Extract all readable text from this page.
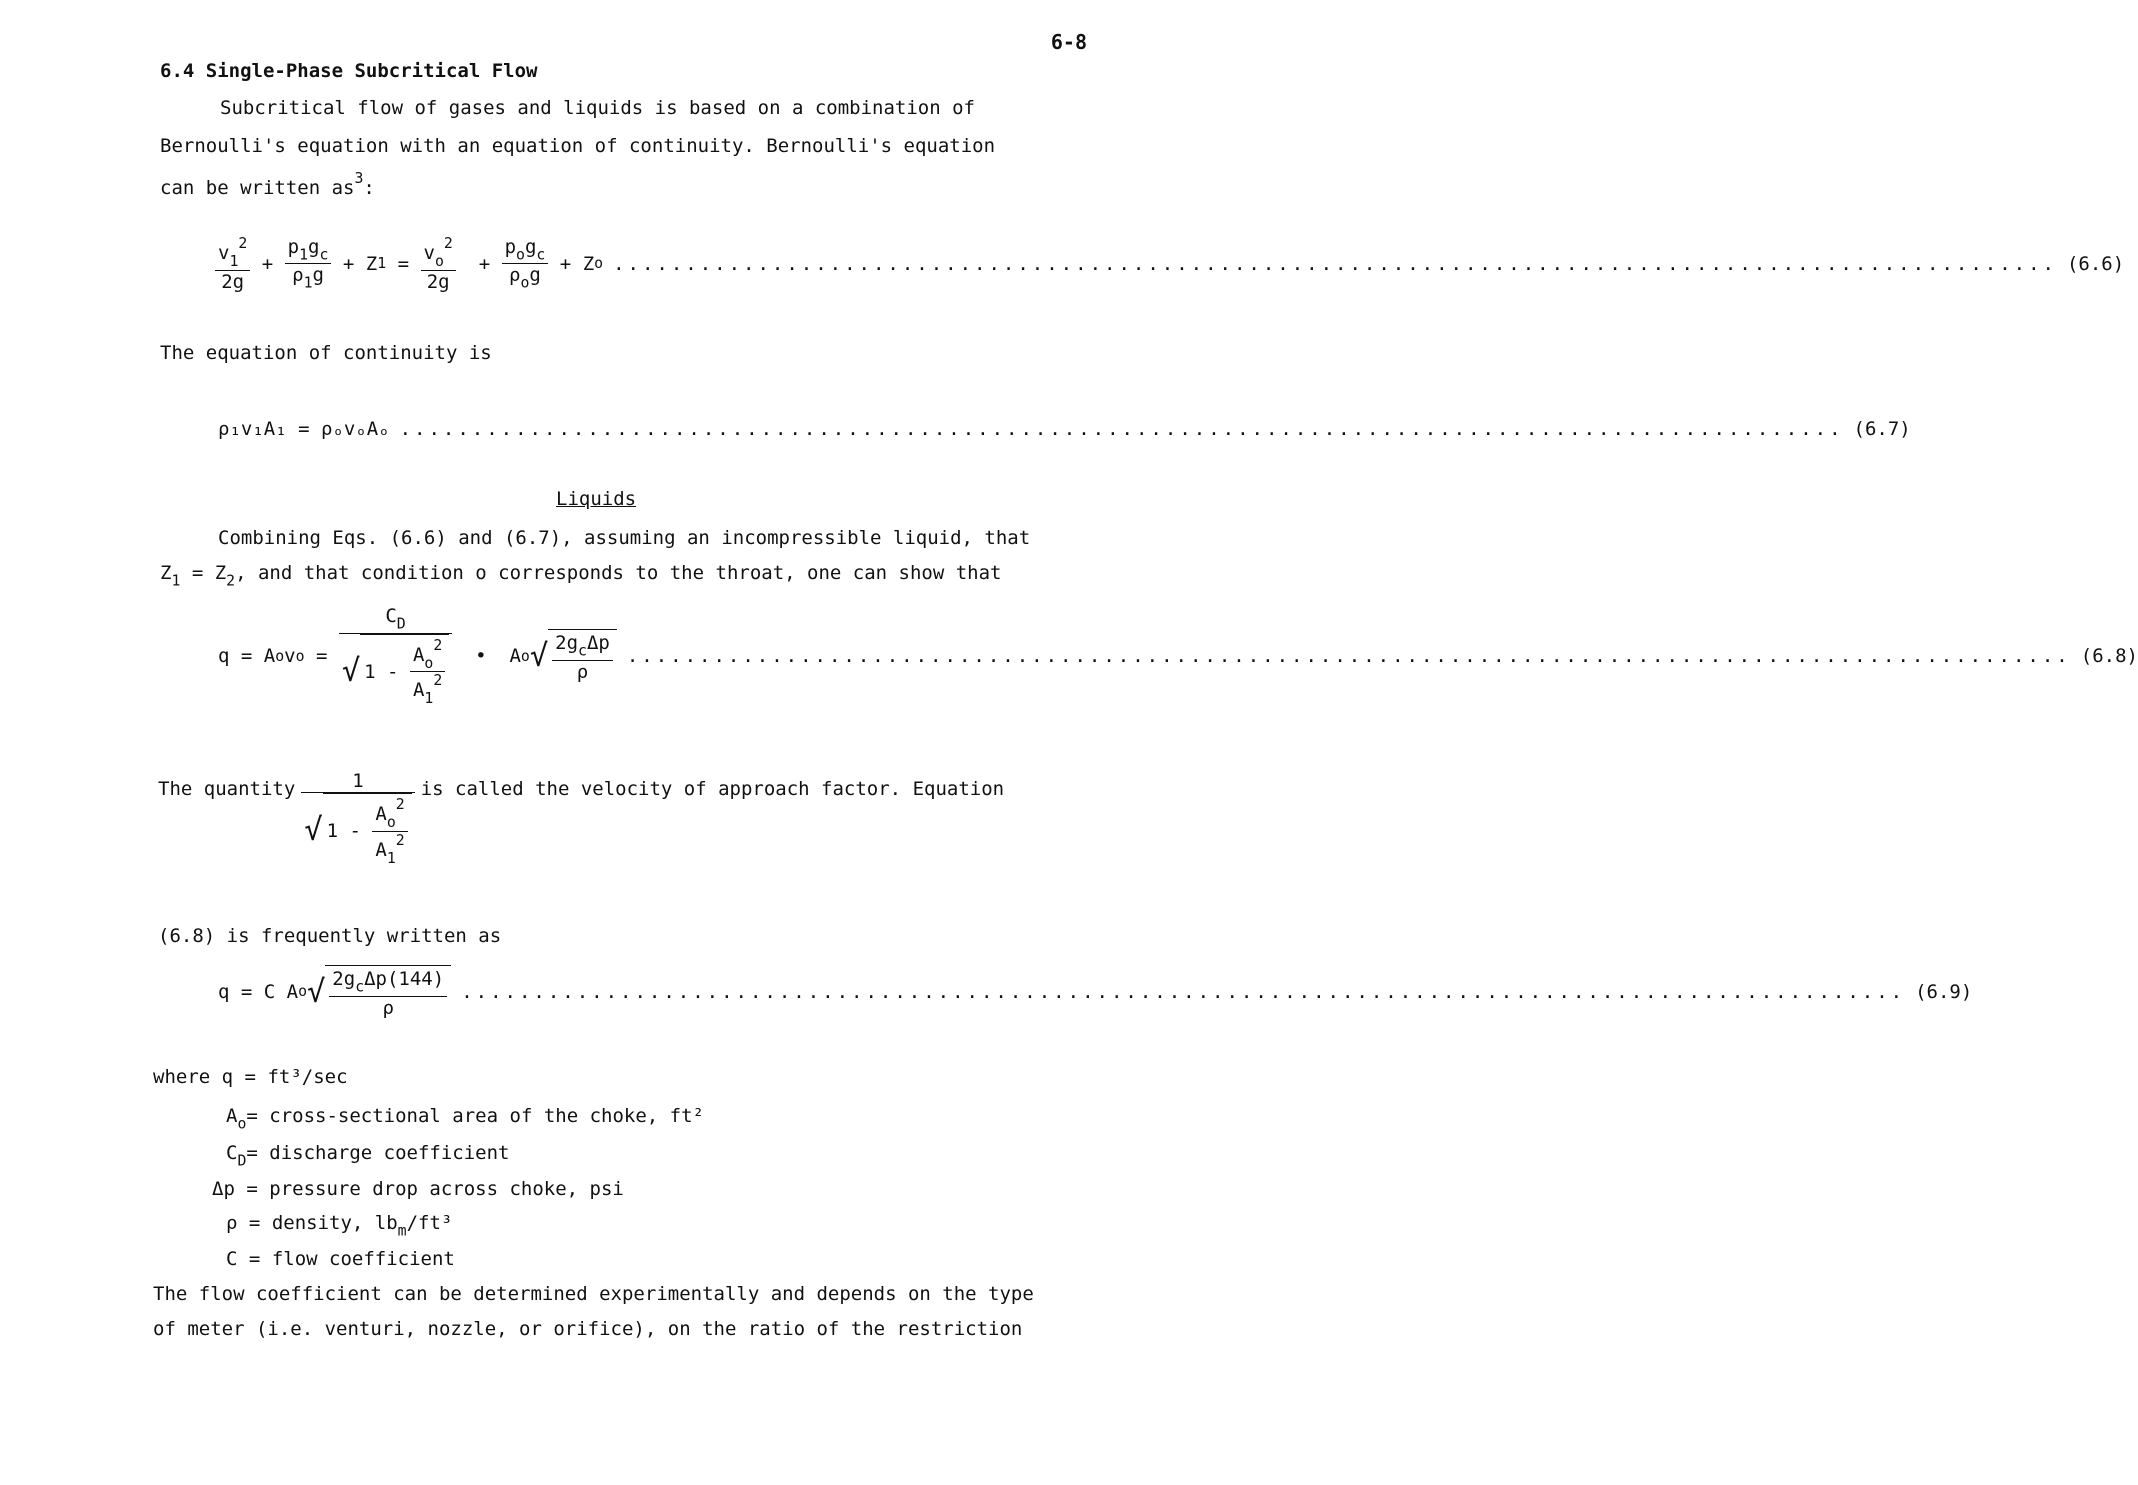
6-8
6.4 Single-Phase Subcritical Flow
Subcritical flow of gases and liquids is based on a combination of
Bernoulli's equation with an equation of continuity. Bernoulli's equation
can be written $as^3$:
$\frac{v_1^2}{2g}$
+
$\frac{p_1g_c}{\rho_1g}$
+
Z 1
=
$\frac{v_o^2}{2g}$
+
$\frac{p_og_c}{\rho_og}$
+
Z o .................................................................................................... (6.6)
The equation of continuity is
ρ₁v₁A₁ = ρₒvₒAₒ .................................................................................................... (6.7)
Liquids
Combining Eqs. (6.6) and (6.7), assuming an incompressible liquid, that
$Z_1 = Z_2$, and that condition o corresponds to the throat, one can show that
q = A o v $o = \frac{C_D}{√ 1 - \frac{A_o^2}{A_1^2}}$
•
A o √ $\frac{2g_c\Delta p}{\rho}$ .................................................................................................... (6.8)
The quantity $\frac{1}{√ 1 - \frac{A_o^2}{A_1^2}}$ is called the velocity of approach factor. Equation
(6.8) is frequently written as
q = C A o √ $\frac{2g_c\Delta p(144)}{\rho}$ .................................................................................................... (6.9)
where q = ft³/sec
$A_o=$ cross-sectional area of the choke, ft²
$C_D=$ discharge coefficient
Δp = pressure drop across choke, psi
ρ = density, $lb_m$/ft³
C = flow coefficient
The flow coefficient can be determined experimentally and depends on the type
of meter (i.e. venturi, nozzle, or orifice), on the ratio of the restriction
